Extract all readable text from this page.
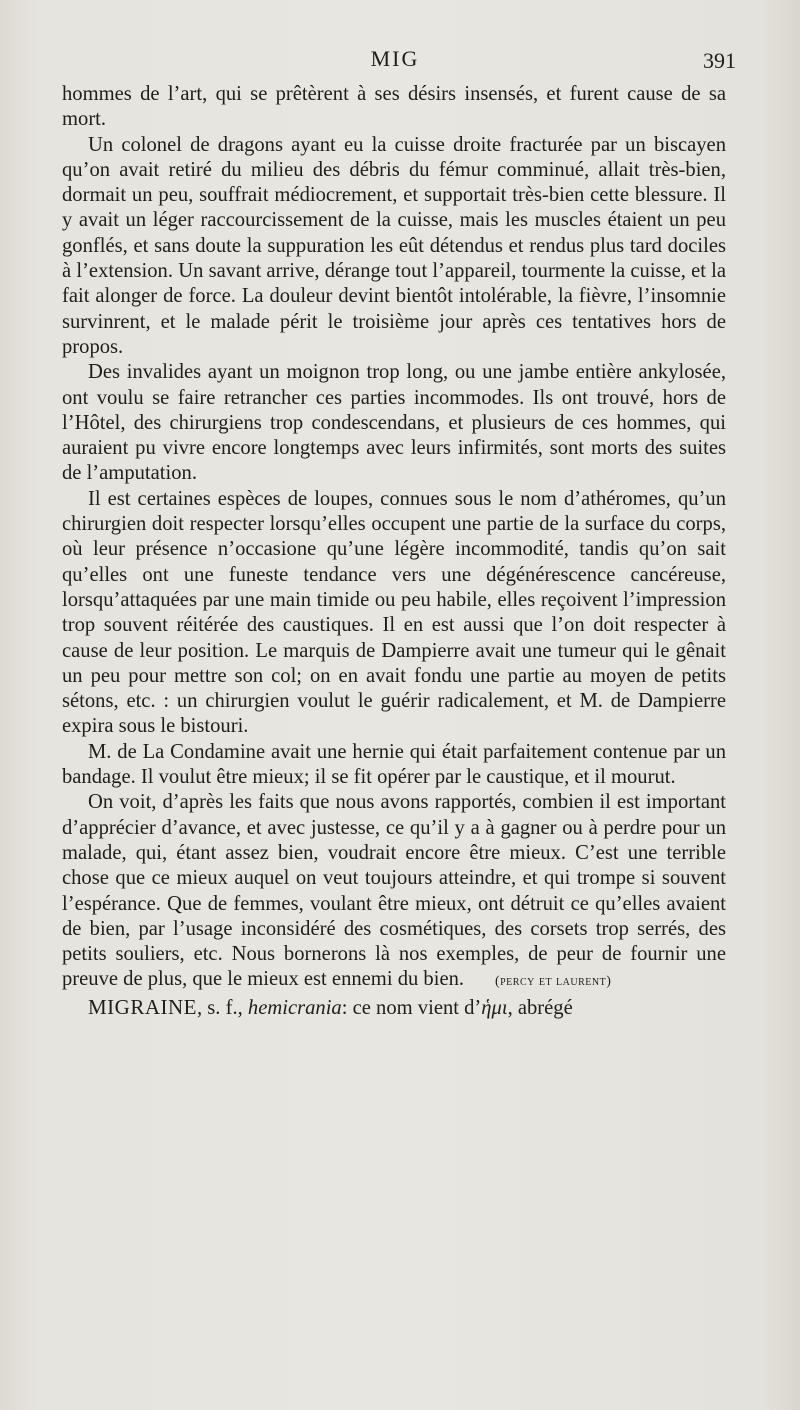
MIG	391

hommes de l’art, qui se prêtèrent à ses désirs insensés, et furent cause de sa mort.

Un colonel de dragons ayant eu la cuisse droite fracturée par un biscayen qu’on avait retiré du milieu des débris du fémur comminué, allait très-bien, dormait un peu, souffrait médiocrement, et supportait très-bien cette blessure. Il y avait un léger raccourcissement de la cuisse, mais les muscles étaient un peu gonflés, et sans doute la suppuration les eût détendus et rendus plus tard dociles à l’extension. Un savant arrive, dérange tout l’appareil, tourmente la cuisse, et la fait alonger de force. La douleur devint bientôt intolérable, la fièvre, l’insomnie survinrent, et le malade périt le troisième jour après ces tentatives hors de propos.

Des invalides ayant un moignon trop long, ou une jambe entière ankylosée, ont voulu se faire retrancher ces parties incommodes. Ils ont trouvé, hors de l’Hôtel, des chirurgiens trop condescendans, et plusieurs de ces hommes, qui auraient pu vivre encore longtemps avec leurs infirmités, sont morts des suites de l’amputation.

Il est certaines espèces de loupes, connues sous le nom d’athéromes, qu’un chirurgien doit respecter lorsqu’elles occupent une partie de la surface du corps, où leur présence n’occasione qu’une légère incommodité, tandis qu’on sait qu’elles ont une funeste tendance vers une dégénérescence cancéreuse, lorsqu’attaquées par une main timide ou peu habile, elles reçoivent l’impression trop souvent réitérée des caustiques. Il en est aussi que l’on doit respecter à cause de leur position. Le marquis de Dampierre avait une tumeur qui le gênait un peu pour mettre son col; on en avait fondu une partie au moyen de petits sétons, etc. : un chirurgien voulut le guérir radicalement, et M. de Dampierre expira sous le bistouri.

M. de La Condamine avait une hernie qui était parfaitement contenue par un bandage. Il voulut être mieux; il se fit opérer par le caustique, et il mourut.

On voit, d’après les faits que nous avons rapportés, combien il est important d’apprécier d’avance, et avec justesse, ce qu’il y a à gagner ou à perdre pour un malade, qui, étant assez bien, voudrait encore être mieux. C’est une terrible chose que ce mieux auquel on veut toujours atteindre, et qui trompe si souvent l’espérance. Que de femmes, voulant être mieux, ont détruit ce qu’elles avaient de bien, par l’usage inconsidéré des cosmétiques, des corsets trop serrés, des petits souliers, etc. Nous bornerons là nos exemples, de peur de fournir une preuve de plus, que le mieux est ennemi du bien. (percy et laurent)

MIGRAINE, s. f., hemicrania: ce nom vient d’ἡμι, abrégé
